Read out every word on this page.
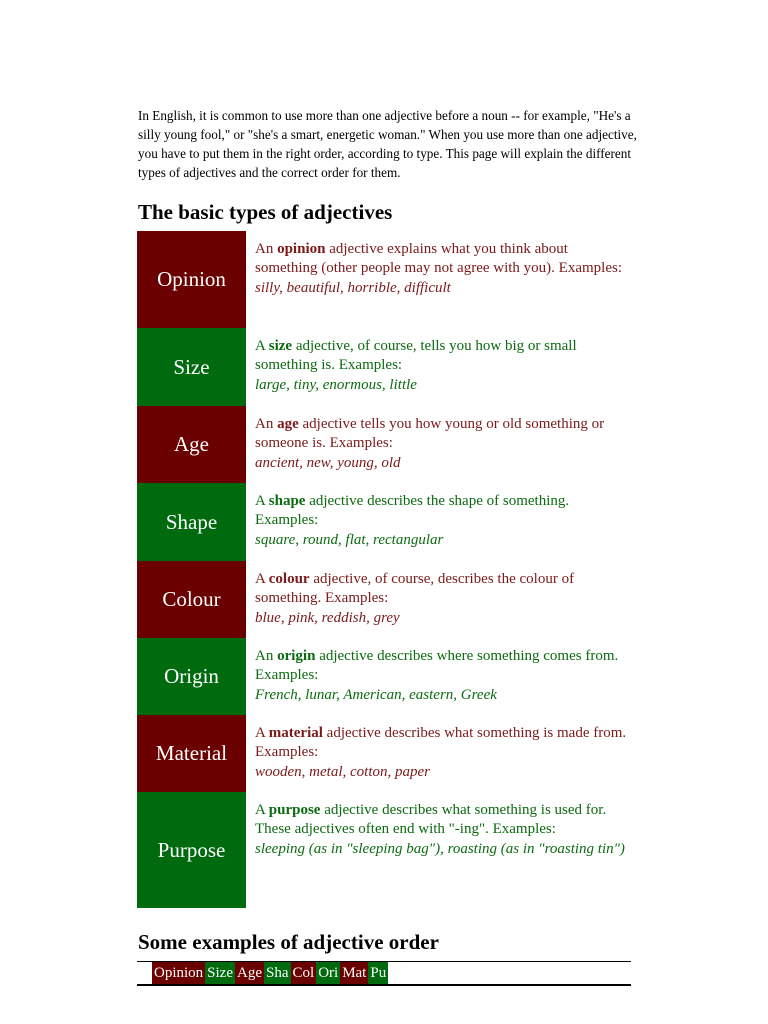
In English, it is common to use more than one adjective before a noun -- for example, "He's a silly young fool," or "she's a smart, energetic woman." When you use more than one adjective, you have to put them in the right order, according to type. This page will explain the different types of adjectives and the correct order for them.

The basic types of adjectives
Opinion
An opinion adjective explains what you think about something (other people may not agree with you). Examples:
silly, beautiful, horrible, difficult
Size
A size adjective, of course, tells you how big or small something is. Examples:
large, tiny, enormous, little
Age
An age adjective tells you how young or old something or someone is. Examples:
ancient, new, young, old
Shape
A shape adjective describes the shape of something. Examples:
square, round, flat, rectangular
Colour
A colour adjective, of course, describes the colour of something. Examples:
blue, pink, reddish, grey
Origin
An origin adjective describes where something comes from. Examples:
French, lunar, American, eastern, Greek
Material
A material adjective describes what something is made from. Examples:
wooden, metal, cotton, paper
Purpose
A purpose adjective describes what something is used for. These adjectives often end with "-ing". Examples:
sleeping (as in "sleeping bag"), roasting (as in "roasting tin")
Some examples of adjective order
Opinion Size Age Sha Col Ori Mat Pu
